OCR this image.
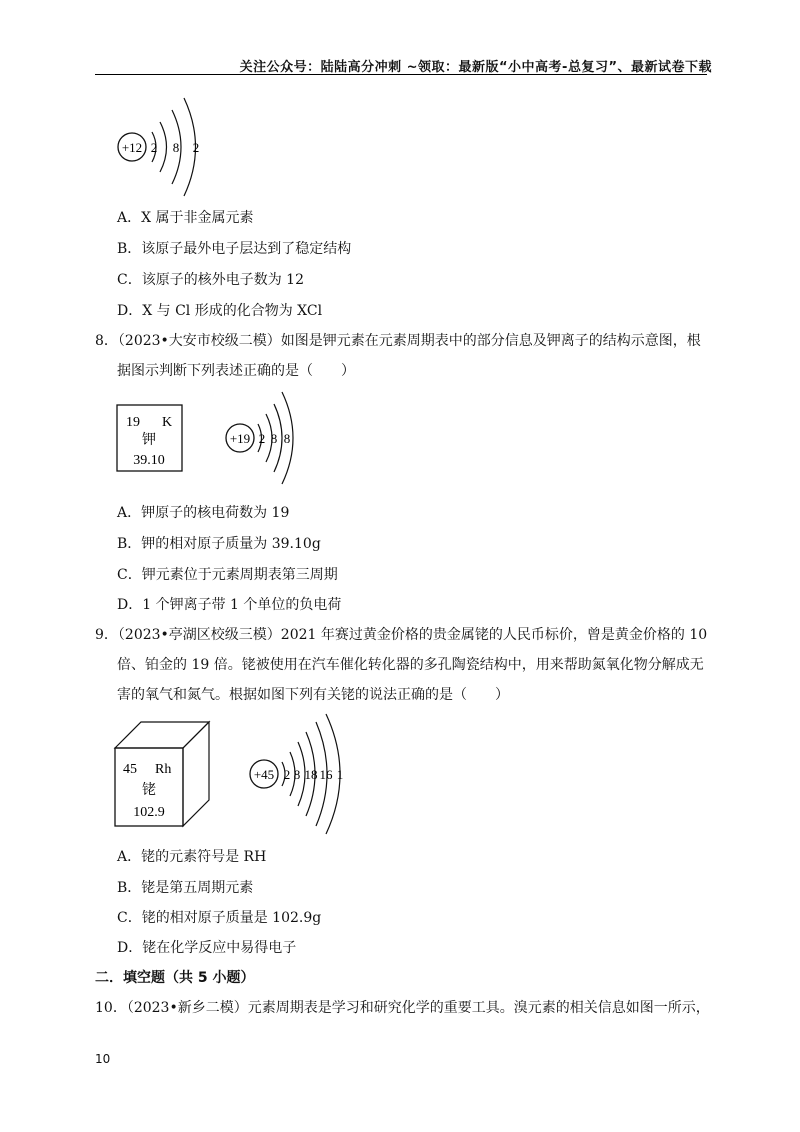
关注公众号：陆陆高分冲刺 ~领取：最新版“小中高考-总复习”、最新试卷下载
+12 2 8 2
A．X 属于非金属元素
B．该原子最外电子层达到了稳定结构
C．该原子的核外电子数为 12
D．X 与 Cl 形成的化合物为 XCl
8．（2023•大安市校级二模）如图是钾元素在元素周期表中的部分信息及钾离子的结构示意图，根
据图示判断下列表述正确的是（　　）
19 K
钾
39.10
+19 2 8 8
A．钾原子的核电荷数为 19
B．钾的相对原子质量为 39.10g
C．钾元素位于元素周期表第三周期
D．1 个钾离子带 1 个单位的负电荷
9．（2023•亭湖区校级三模）2021 年赛过黄金价格的贵金属铑的人民币标价，曾是黄金价格的 10
倍、铂金的 19 倍。铑被使用在汽车催化转化器的多孔陶瓷结构中，用来帮助氮氧化物分解成无
害的氧气和氮气。根据如图下列有关铑的说法正确的是（　　）
45 Rh
铑
102.9
+45 2 8 18 16 1
A．铑的元素符号是 RH
B．铑是第五周期元素
C．铑的相对原子质量是 102.9g
D．铑在化学反应中易得电子
二．填空题（共 5 小题）
10．（2023•新乡二模）元素周期表是学习和研究化学的重要工具。溴元素的相关信息如图一所示，
10
